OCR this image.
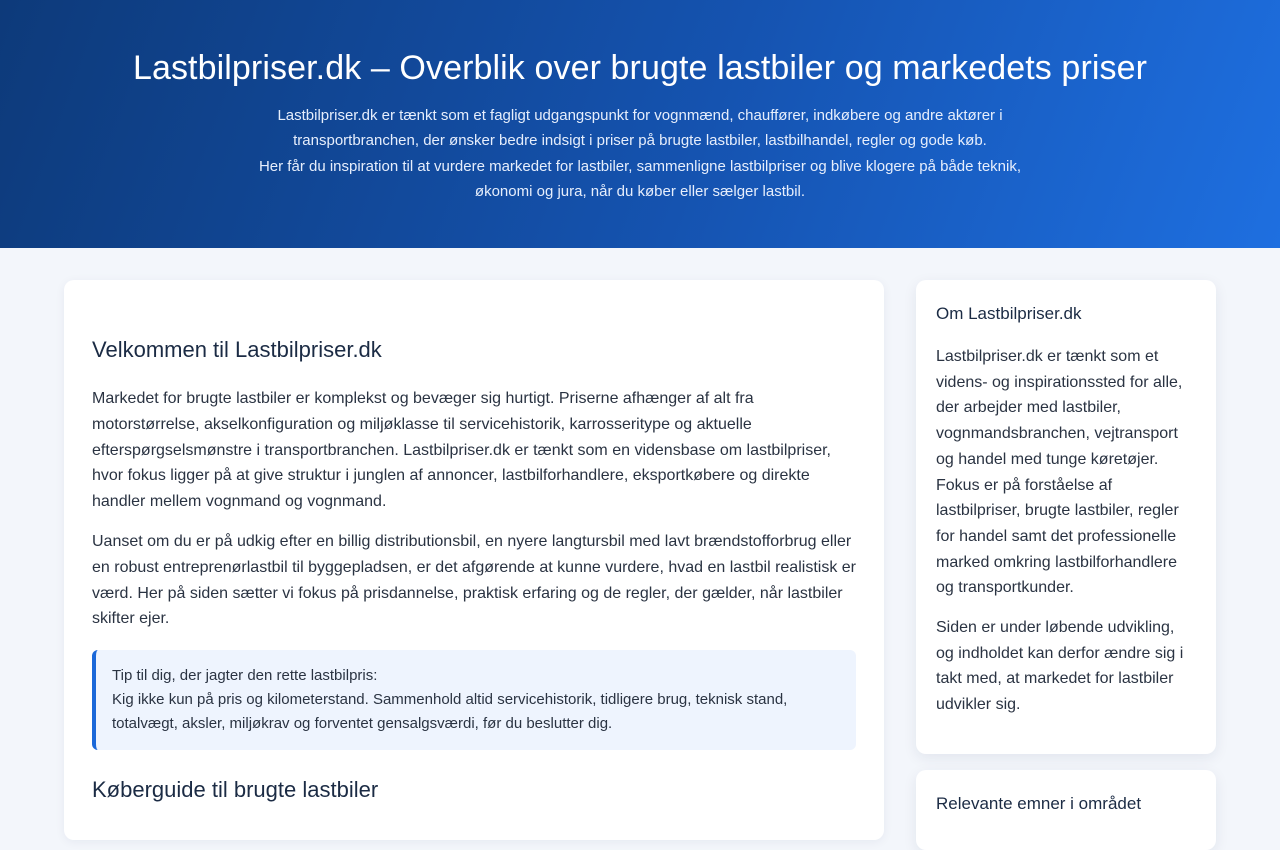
Lastbilpriser.dk – Overblik over brugte lastbiler og markedets priser

Lastbilpriser.dk er tænkt som et fagligt udgangspunkt for vognmænd, chauffører, indkøbere og andre aktører i transportbranchen, der ønsker bedre indsigt i priser på brugte lastbiler, lastbilhandel, regler og gode køb.

Her får du inspiration til at vurdere markedet for lastbiler, sammenligne lastbilpriser og blive klogere på både teknik, økonomi og jura, når du køber eller sælger lastbil.

Velkommen til Lastbilpriser.dk

Markedet for brugte lastbiler er komplekst og bevæger sig hurtigt. Priserne afhænger af alt fra motorstørrelse, akselkonfiguration og miljøklasse til servicehistorik, karrosseritype og aktuelle efterspørgselsmønstre i transportbranchen. Lastbilpriser.dk er tænkt som en vidensbase om lastbilpriser, hvor fokus ligger på at give struktur i junglen af annoncer, lastbilforhandlere, eksportkøbere og direkte handler mellem vognmand og vognmand.

Uanset om du er på udkig efter en billig distributionsbil, en nyere langtursbil med lavt brændstofforbrug eller en robust entreprenørlastbil til byggepladsen, er det afgørende at kunne vurdere, hvad en lastbil realistisk er værd. Her på siden sætter vi fokus på prisdannelse, praktisk erfaring og de regler, der gælder, når lastbiler skifter ejer.

Tip til dig, der jagter den rette lastbilpris:
Kig ikke kun på pris og kilometerstand. Sammenhold altid servicehistorik, tidligere brug, teknisk stand, totalvægt, aksler, miljøkrav og forventet gensalgsværdi, før du beslutter dig.
Køberguide til brugte lastbiler
Om Lastbilpriser.dk

Lastbilpriser.dk er tænkt som et videns- og inspirationssted for alle, der arbejder med lastbiler, vognmandsbranchen, vejtransport og handel med tunge køretøjer. Fokus er på forståelse af lastbilpriser, brugte lastbiler, regler for handel samt det professionelle marked omkring lastbilforhandlere og transportkunder.

Siden er under løbende udvikling, og indholdet kan derfor ændre sig i takt med, at markedet for lastbiler udvikler sig.

Relevante emner i området
